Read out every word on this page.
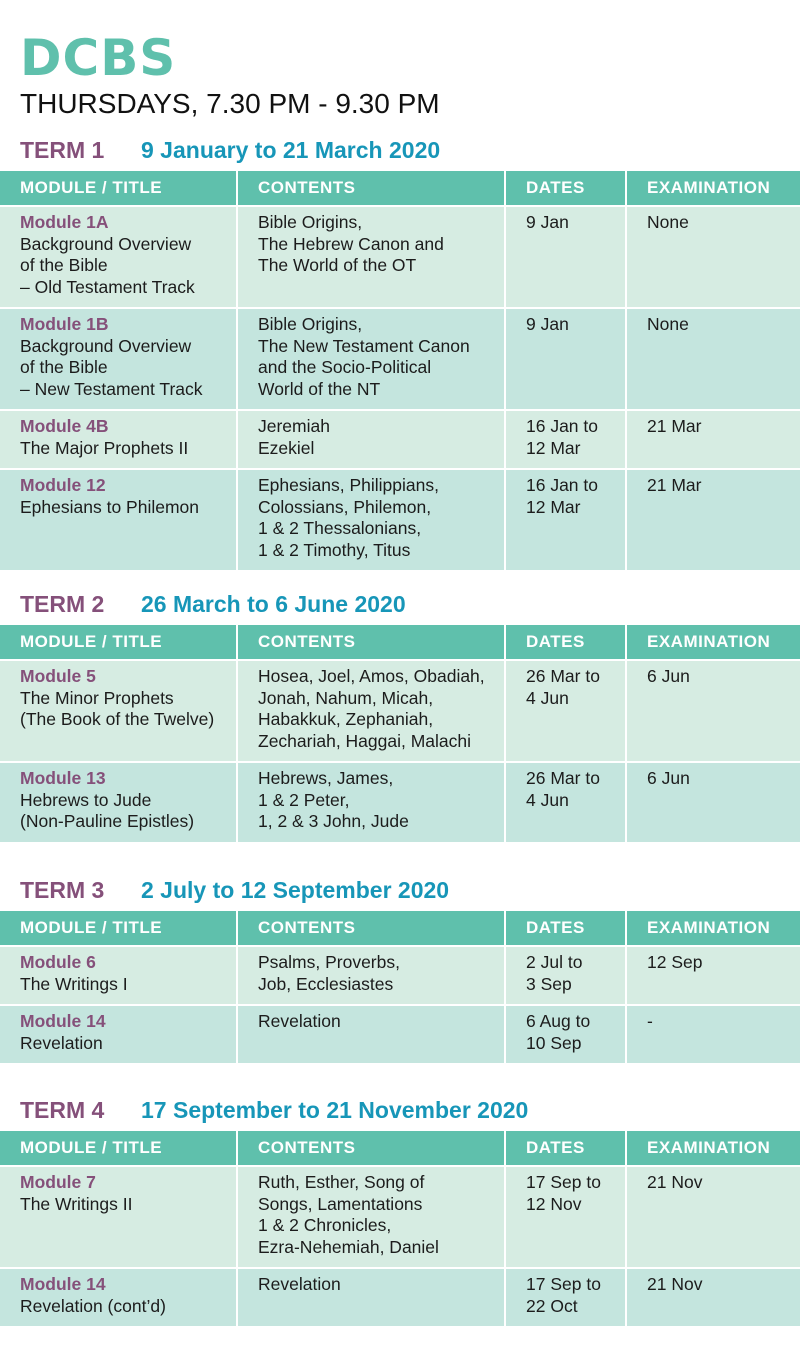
DCBS
THURSDAYS, 7.30 PM - 9.30 PM
TERM 1 9 January to 21 March 2020
MODULE / TITLE	CONTENTS	DATES	EXAMINATION

Module 1A
Background Overview
of the Bible
– Old Testament Track	Bible Origins,
The Hebrew Canon and
The World of the OT	9 Jan	None

Module 1B
Background Overview
of the Bible
– New Testament Track	Bible Origins,
The New Testament Canon
and the Socio-Political
World of the NT	9 Jan	None

Module 4B
The Major Prophets II	Jeremiah
Ezekiel	16 Jan to
12 Mar	21 Mar

Module 12
Ephesians to Philemon	Ephesians, Philippians,
Colossians, Philemon,
1 & 2 Thessalonians,
1 & 2 Timothy, Titus	16 Jan to
12 Mar	21 Mar
TERM 2 26 March to 6 June 2020
MODULE / TITLE	CONTENTS	DATES	EXAMINATION

Module 5
The Minor Prophets
(The Book of the Twelve)	Hosea, Joel, Amos, Obadiah,
Jonah, Nahum, Micah,
Habakkuk, Zephaniah,
Zechariah, Haggai, Malachi	26 Mar to
4 Jun	6 Jun

Module 13
Hebrews to Jude
(Non-Pauline Epistles)	Hebrews, James,
1 & 2 Peter,
1, 2 & 3 John, Jude	26 Mar to
4 Jun	6 Jun
TERM 3 2 July to 12 September 2020
MODULE / TITLE	CONTENTS	DATES	EXAMINATION

Module 6
The Writings I	Psalms, Proverbs,
Job, Ecclesiastes	2 Jul to
3 Sep	12 Sep

Module 14
Revelation	Revelation	6 Aug to
10 Sep	-
TERM 4 17 September to 21 November 2020
MODULE / TITLE	CONTENTS	DATES	EXAMINATION

Module 7
The Writings II	Ruth, Esther, Song of
Songs, Lamentations
1 & 2 Chronicles,
Ezra-Nehemiah, Daniel	17 Sep to
12 Nov	21 Nov

Module 14
Revelation (cont’d)	Revelation	17 Sep to
22 Oct	21 Nov
